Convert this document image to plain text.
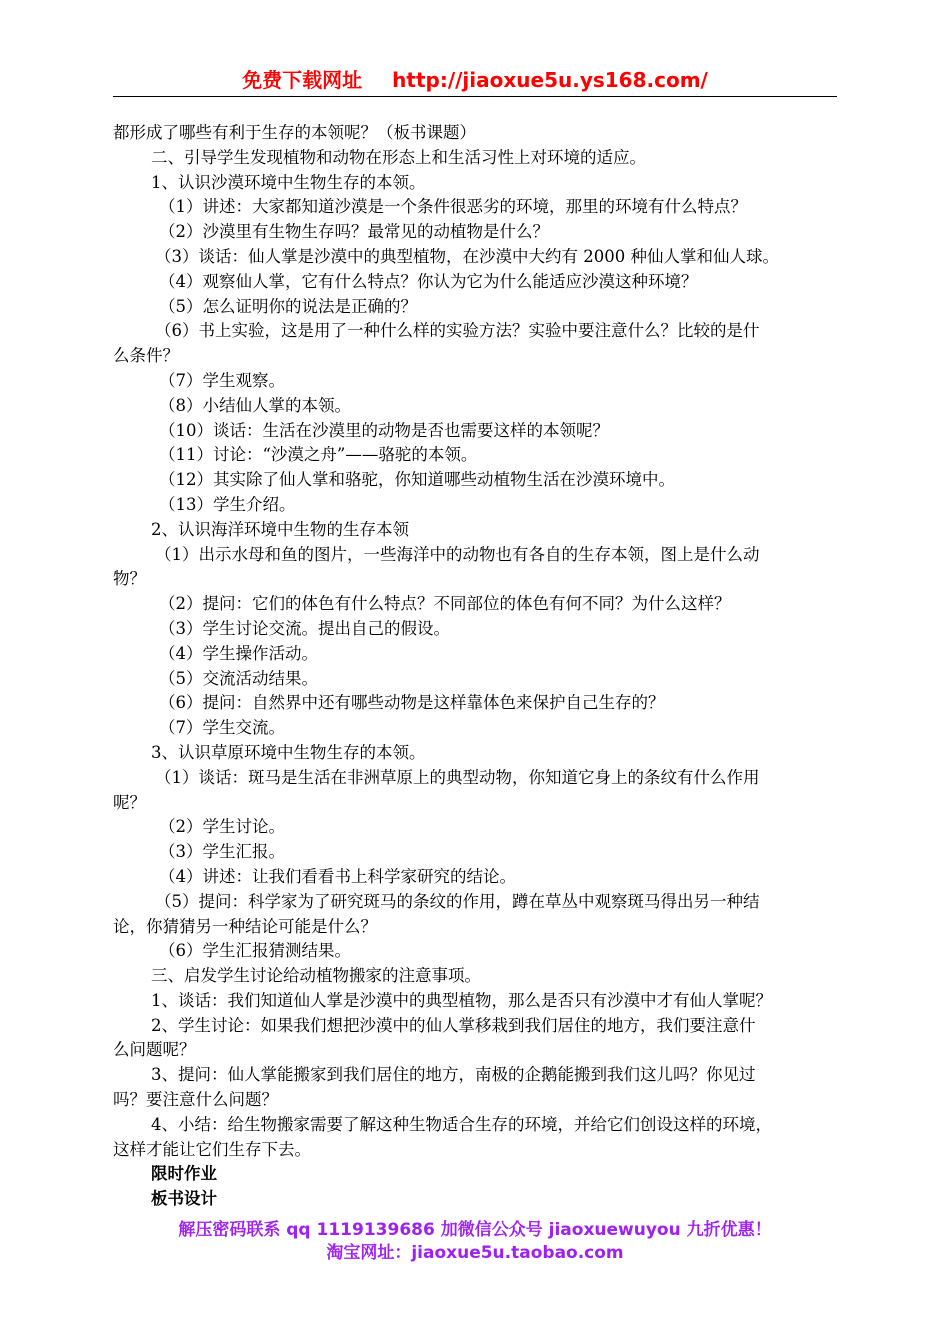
免费下载网址 http://jiaoxue5u.ys168.com/
都形成了哪些有利于生存的本领呢？（板书课题）
二、引导学生发现植物和动物在形态上和生活习性上对环境的适应。
1、认识沙漠环境中生物生存的本领。
（1）讲述：大家都知道沙漠是一个条件很恶劣的环境，那里的环境有什么特点？
（2）沙漠里有生物生存吗？最常见的动植物是什么？
（3）谈话：仙人掌是沙漠中的典型植物，在沙漠中大约有 2000 种仙人掌和仙人球。
（4）观察仙人掌，它有什么特点？你认为它为什么能适应沙漠这种环境？
（5）怎么证明你的说法是正确的？
（6）书上实验，这是用了一种什么样的实验方法？实验中要注意什么？比较的是什
么条件？
（7）学生观察。
（8）小结仙人掌的本领。
（10）谈话：生活在沙漠里的动物是否也需要这样的本领呢？
（11）讨论：“沙漠之舟”——骆驼的本领。
（12）其实除了仙人掌和骆驼，你知道哪些动植物生活在沙漠环境中。
（13）学生介绍。
2、认识海洋环境中生物的生存本领
（1）出示水母和鱼的图片，一些海洋中的动物也有各自的生存本领，图上是什么动
物？
（2）提问：它们的体色有什么特点？不同部位的体色有何不同？为什么这样？
（3）学生讨论交流。提出自己的假设。
（4）学生操作活动。
（5）交流活动结果。
（6）提问：自然界中还有哪些动物是这样靠体色来保护自己生存的？
（7）学生交流。
3、认识草原环境中生物生存的本领。
（1）谈话：斑马是生活在非洲草原上的典型动物，你知道它身上的条纹有什么作用
呢？
（2）学生讨论。
（3）学生汇报。
（4）讲述：让我们看看书上科学家研究的结论。
（5）提问：科学家为了研究斑马的条纹的作用，蹲在草丛中观察斑马得出另一种结
论，你猜猜另一种结论可能是什么？
（6）学生汇报猜测结果。
三、启发学生讨论给动植物搬家的注意事项。
1、谈话：我们知道仙人掌是沙漠中的典型植物，那么是否只有沙漠中才有仙人掌呢？
2、学生讨论：如果我们想把沙漠中的仙人掌移栽到我们居住的地方，我们要注意什
么问题呢？
3、提问：仙人掌能搬家到我们居住的地方，南极的企鹅能搬到我们这儿吗？你见过
吗？要注意什么问题？
4、小结：给生物搬家需要了解这种生物适合生存的环境，并给它们创设这样的环境，
这样才能让它们生存下去。
限时作业
板书设计
解压密码联系 qq 1119139686 加微信公众号 jiaoxuewuyou 九折优惠！
淘宝网址：jiaoxue5u.taobao.com
